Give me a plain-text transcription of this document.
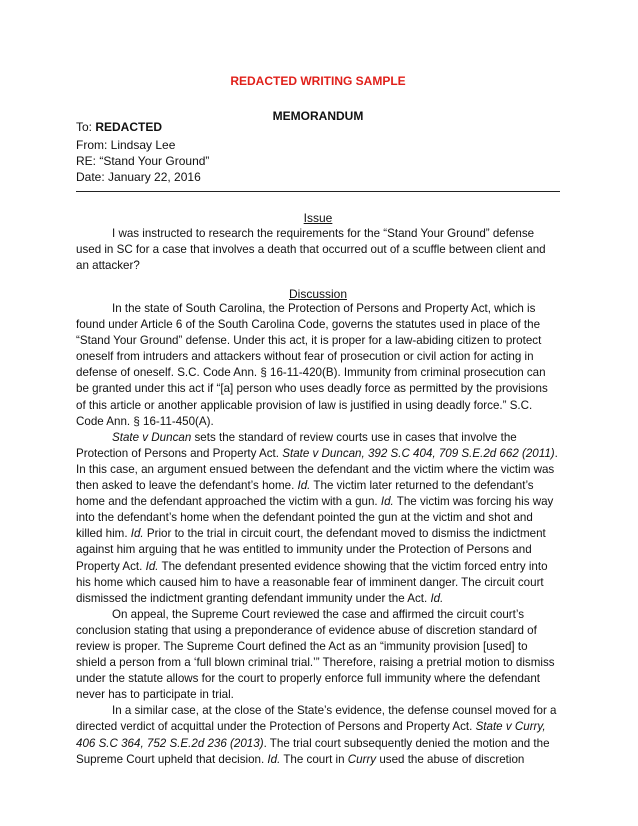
REDACTED WRITING SAMPLE
MEMORANDUM
To: REDACTED
From: Lindsay Lee
RE: “Stand Your Ground”
Date: January 22, 2016
Issue

I was instructed to research the requirements for the “Stand Your Ground” defense used in SC for a case that involves a death that occurred out of a scuffle between client and an attacker?

Discussion

In the state of South Carolina, the Protection of Persons and Property Act, which is found under Article 6 of the South Carolina Code, governs the statutes used in place of the “Stand Your Ground” defense. Under this act, it is proper for a law-abiding citizen to protect oneself from intruders and attackers without fear of prosecution or civil action for acting in defense of oneself. S.C. Code Ann. § 16-11-420(B). Immunity from criminal prosecution can be granted under this act if “[a] person who uses deadly force as permitted by the provisions of this article or another applicable provision of law is justified in using deadly force.” S.C. Code Ann. § 16-11-450(A).

State v Duncan sets the standard of review courts use in cases that involve the Protection of Persons and Property Act. State v Duncan, 392 S.C 404, 709 S.E.2d 662 (2011). In this case, an argument ensued between the defendant and the victim where the victim was then asked to leave the defendant’s home. Id. The victim later returned to the defendant’s home and the defendant approached the victim with a gun. Id. The victim was forcing his way into the defendant’s home when the defendant pointed the gun at the victim and shot and killed him. Id. Prior to the trial in circuit court, the defendant moved to dismiss the indictment against him arguing that he was entitled to immunity under the Protection of Persons and Property Act. Id. The defendant presented evidence showing that the victim forced entry into his home which caused him to have a reasonable fear of imminent danger. The circuit court dismissed the indictment granting defendant immunity under the Act. Id.

On appeal, the Supreme Court reviewed the case and affirmed the circuit court’s conclusion stating that using a preponderance of evidence abuse of discretion standard of review is proper. The Supreme Court defined the Act as an “immunity provision [used] to shield a person from a ‘full blown criminal trial.’” Therefore, raising a pretrial motion to dismiss under the statute allows for the court to properly enforce full immunity where the defendant never has to participate in trial.

In a similar case, at the close of the State’s evidence, the defense counsel moved for a directed verdict of acquittal under the Protection of Persons and Property Act. State v Curry, 406 S.C 364, 752 S.E.2d 236 (2013). The trial court subsequently denied the motion and the Supreme Court upheld that decision. Id. The court in Curry used the abuse of discretion
